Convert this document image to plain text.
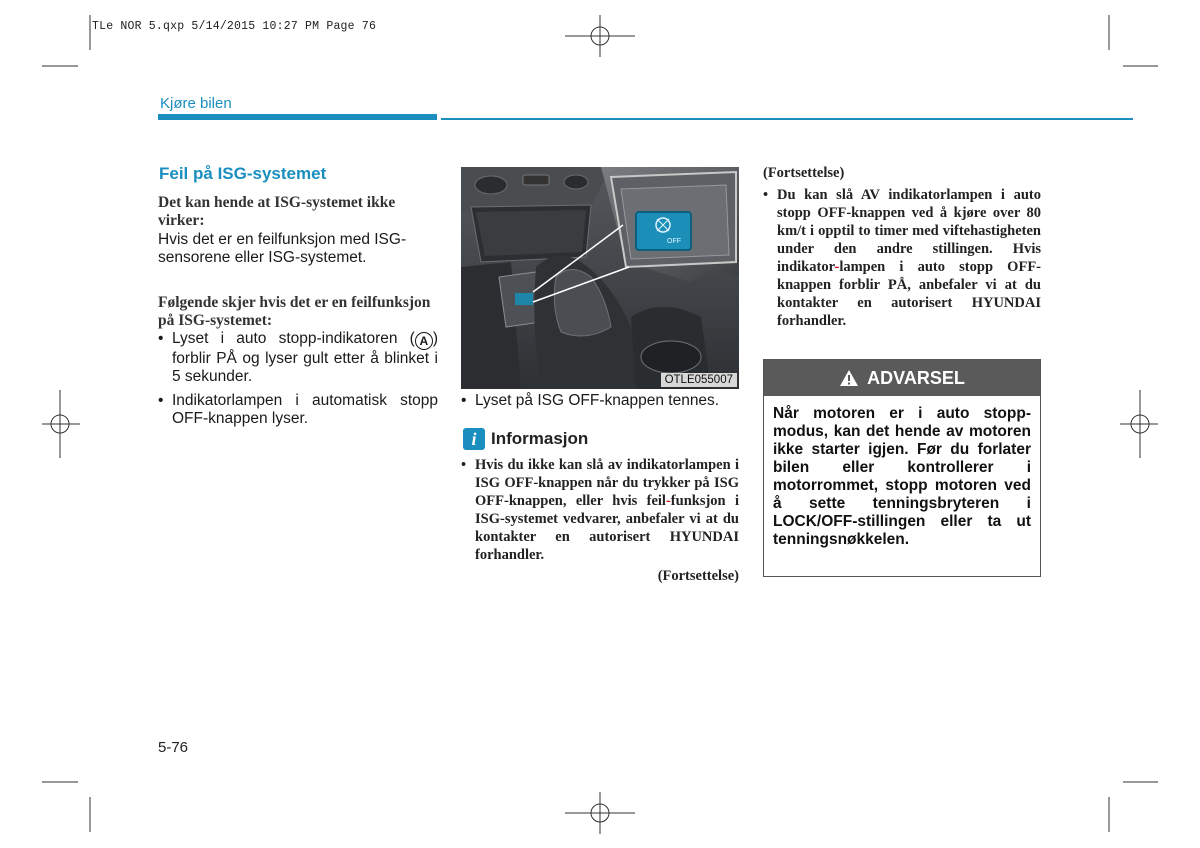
TLe NOR 5.qxp 5/14/2015 10:27 PM Page 76
Kjøre bilen
Feil på ISG-systemet
Det kan hende at ISG-systemet ikke virker:
Hvis det er en feilfunksjon med ISG-sensorene eller ISG-systemet.
Følgende skjer hvis det er en feilfunksjon på ISG-systemet:
• Lyset i auto stopp-indikatoren ( A ) forblir PÅ og lyser gult etter å blinket i 5 sekunder.
• Indikatorlampen i automatisk stopp OFF-knappen lyser.
OFF
OTLE055007
• Lyset på ISG OFF-knappen tennes.
i Informasjon
• Hvis du ikke kan slå av indikatorlampen i ISG OFF-knappen når du trykker på ISG OFF-knappen, eller hvis feil-funksjon i ISG-systemet vedvarer, anbefaler vi at du kontakter en autorisert HYUNDAI forhandler.
(Fortsettelse)
(Fortsettelse)
• Du kan slå AV indikatorlampen i auto stopp OFF-knappen ved å kjøre over 80 km/t i opptil to timer med viftehastigheten under den andre stillingen. Hvis indikator-lampen i auto stopp OFF-knappen forblir PÅ, anbefaler vi at du kontakter en autorisert HYUNDAI forhandler.
ADVARSEL
Når motoren er i auto stopp-modus, kan det hende av motoren ikke starter igjen. Før du forlater bilen eller kontrollerer i motorrommet, stopp motoren ved å sette tenningsbryteren i LOCK/OFF-stillingen eller ta ut tenningsnøkkelen.
5-76
